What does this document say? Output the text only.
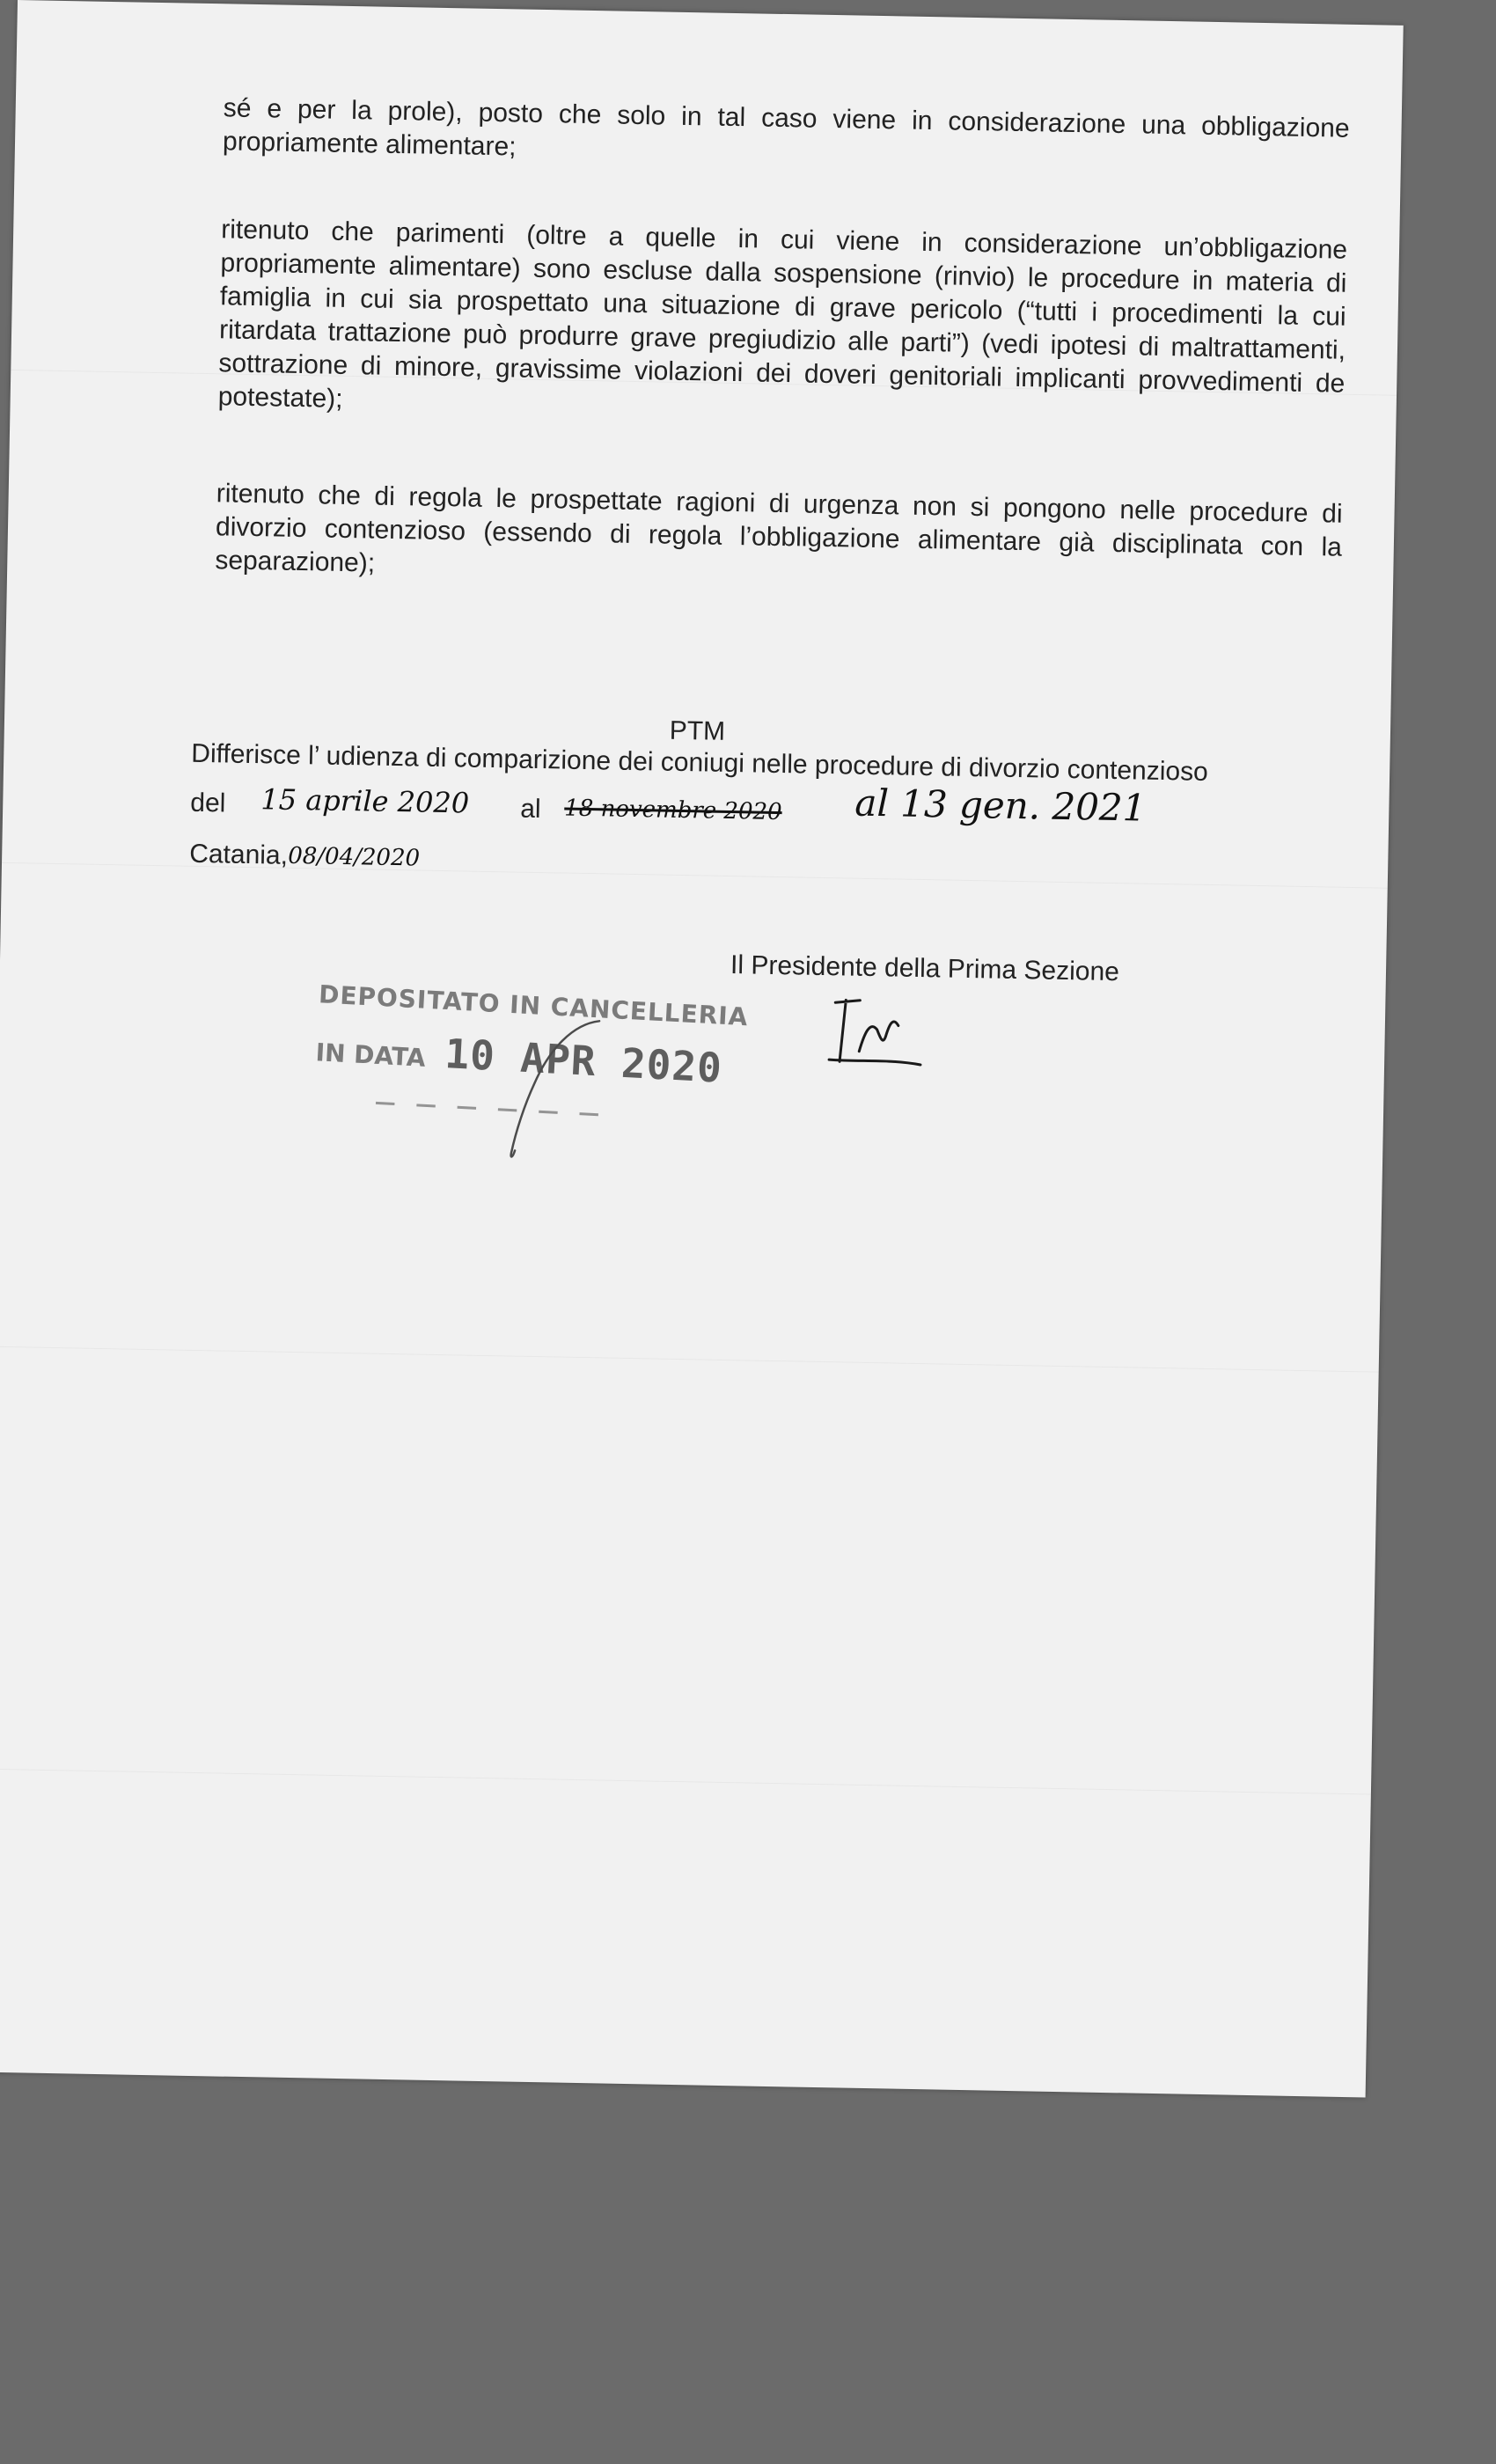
sé e per la prole), posto che solo in tal caso viene in considerazione una obbligazione propriamente alimentare;

ritenuto che parimenti (oltre a quelle in cui viene in considerazione un’obbligazione propriamente alimentare) sono escluse dalla sospensione (rinvio) le procedure in materia di famiglia in cui sia prospettato una situazione di grave pericolo (“tutti i procedimenti la cui ritardata trattazione può produrre grave pregiudizio alle parti”) (vedi ipotesi di maltrattamenti, sottrazione di minore, gravissime violazioni dei doveri genitoriali implicanti provvedimenti de potestate);

ritenuto che di regola le prospettate ragioni di urgenza non si pongono nelle procedure di divorzio contenzioso (essendo di regola l’obbligazione alimentare già disciplinata con la separazione);

PTM
Differisce l’ udienza di comparizione dei coniugi nelle procedure di divorzio contenzioso
del 15 aprile 2020 al 18 novembre 2020 al 13 gen. 2021
Catania, 08/04/2020
Il Presidente della Prima Sezione
DEPOSITATO IN CANCELLERIA
IN DATA 10 APR 2020
— — — — — —
